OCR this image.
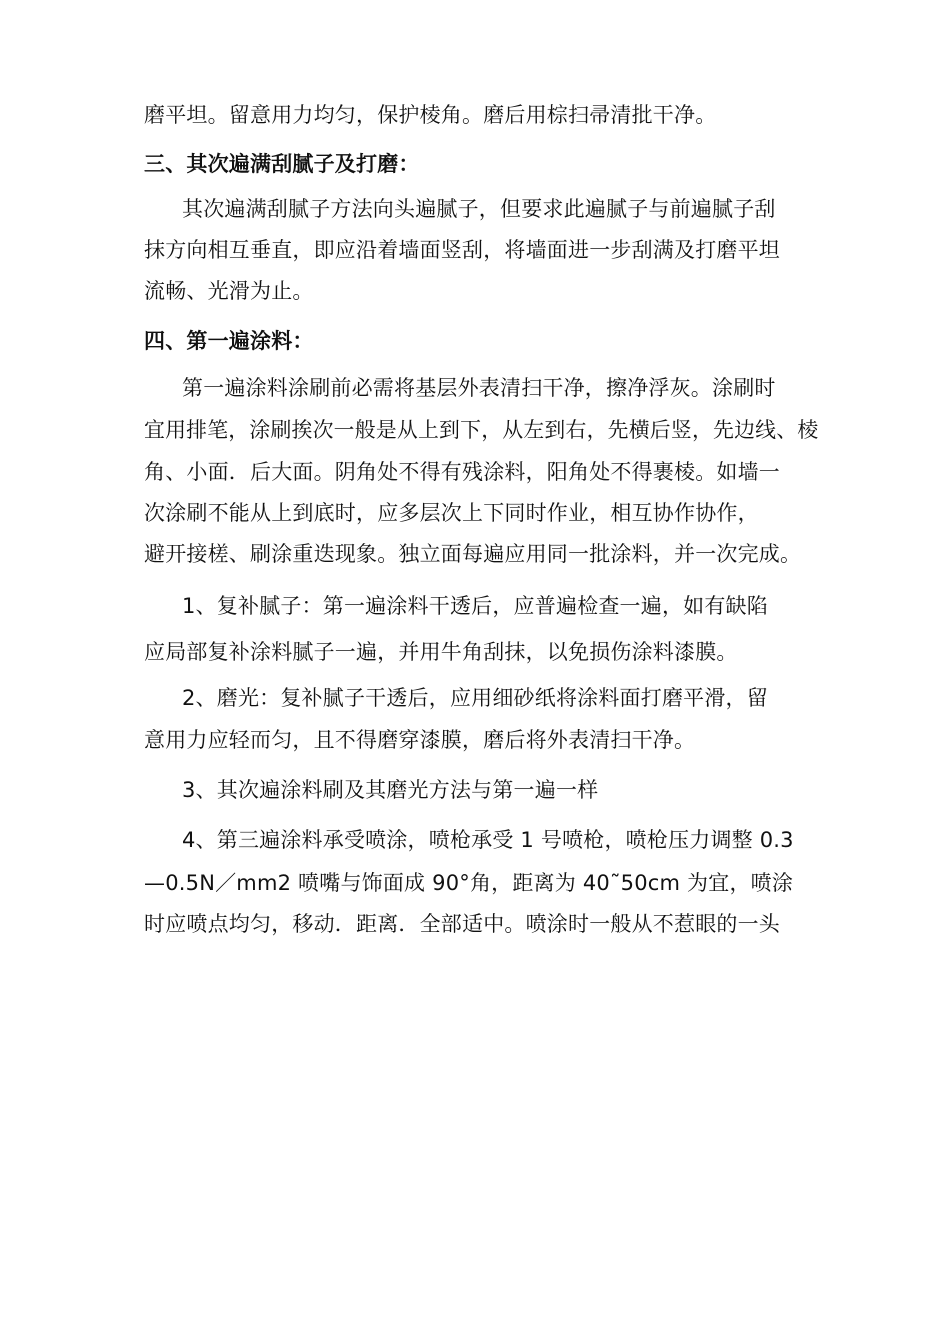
磨平坦。留意用力均匀，保护棱角。磨后用棕扫帚清批干净。
三、其次遍满刮腻子及打磨：
其次遍满刮腻子方法向头遍腻子，但要求此遍腻子与前遍腻子刮
抹方向相互垂直，即应沿着墙面竖刮，将墙面进一步刮满及打磨平坦
流畅、光滑为止。
四、第一遍涂料：
第一遍涂料涂刷前必需将基层外表清扫干净，擦净浮灰。涂刷时
宜用排笔，涂刷挨次一般是从上到下，从左到右，先横后竖，先边线、棱
角、小面．后大面。阴角处不得有残涂料，阳角处不得裹棱。如墙一
次涂刷不能从上到底时，应多层次上下同时作业，相互协作协作，
避开接槎、刷涂重迭现象。独立面每遍应用同一批涂料，并一次完成。
1、复补腻子：第一遍涂料干透后，应普遍检查一遍，如有缺陷
应局部复补涂料腻子一遍，并用牛角刮抹，以免损伤涂料漆膜。
2、磨光：复补腻子干透后，应用细砂纸将涂料面打磨平滑，留
意用力应轻而匀，且不得磨穿漆膜，磨后将外表清扫干净。
3、其次遍涂料刷及其磨光方法与第一遍一样
4、第三遍涂料承受喷涂，喷枪承受 1 号喷枪，喷枪压力调整 0.3
—0.5N／mm2 喷嘴与饰面成 90°角，距离为 40˜50cm 为宜，喷涂
时应喷点均匀，移动．距离．全部适中。喷涂时一般从不惹眼的一头
